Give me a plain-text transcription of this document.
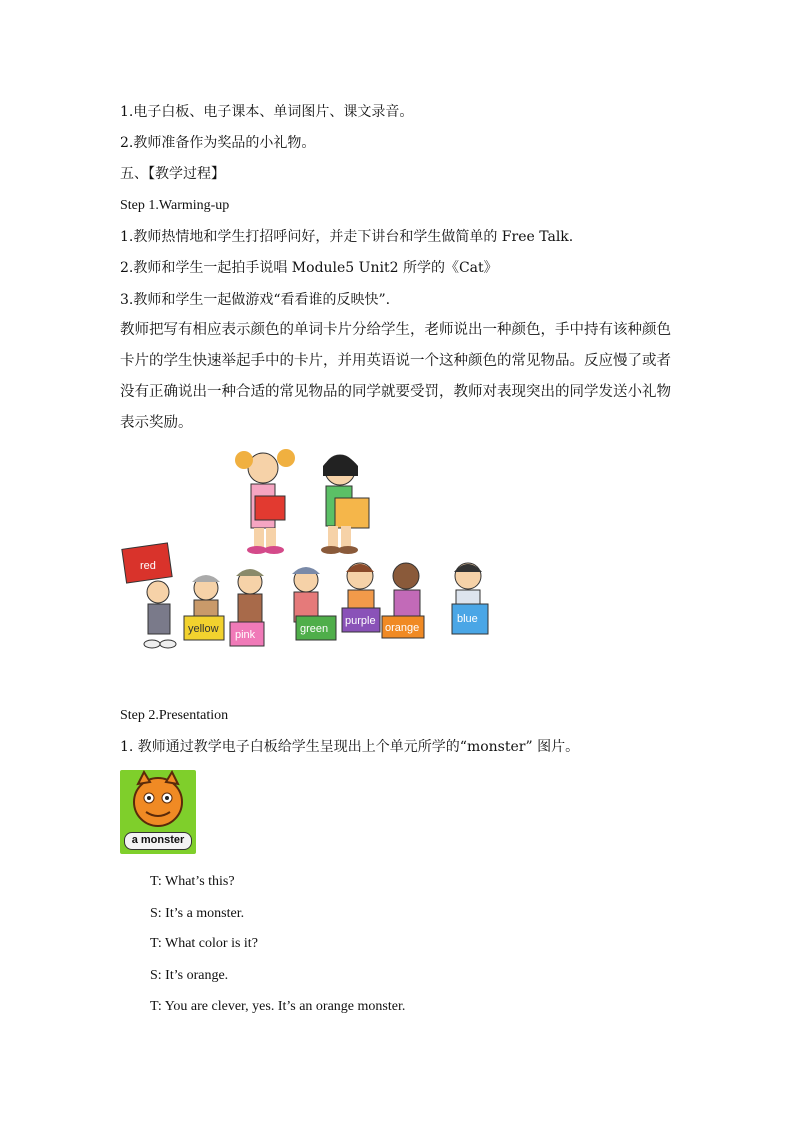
1.电子白板、电子课本、单词图片、课文录音。
2.教师准备作为奖品的小礼物。
五、【教学过程】
Step 1.Warming-up
1.教师热情地和学生打招呼问好，并走下讲台和学生做简单的 Free Talk.
2.教师和学生一起拍手说唱 Module5 Unit2 所学的《Cat》
3.教师和学生一起做游戏“看看谁的反映快”.
教师把写有相应表示颜色的单词卡片分给学生，老师说出一种颜色，手中持有该种颜色卡片的学生快速举起手中的卡片，并用英语说一个这种颜色的常见物品。反应慢了或者没有正确说出一种合适的常见物品的同学就要受罚，教师对表现突出的同学发送小礼物表示奖励。
red
yellow pink	green
purple
orange
blue
Step 2.Presentation
1. 教师通过教学电子白板给学生呈现出上个单元所学的“monster” 图片。
a monster
T: What’s this?
S: It’s a monster.
T: What color is it?
S: It’s orange.
T: You are clever, yes. It’s an orange monster.
